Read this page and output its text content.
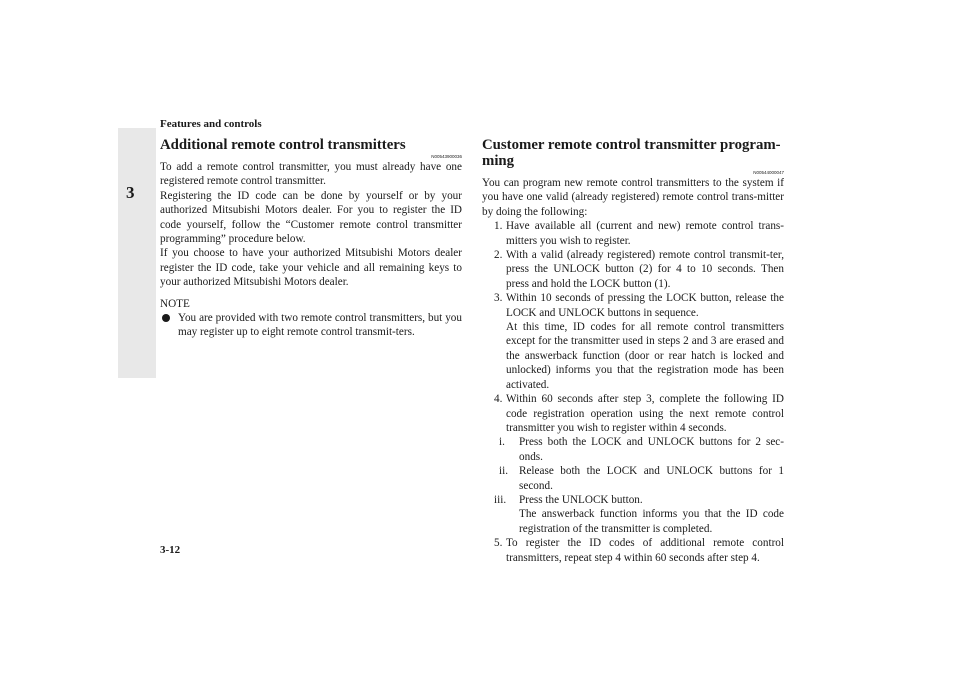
Features and controls
3
Additional remote control transmitters
N00543900036

To add a remote control transmitter, you must already have one registered remote control transmitter.

Registering the ID code can be done by yourself or by your authorized Mitsubishi Motors dealer. For you to register the ID code yourself, follow the “Customer remote control transmitter programming” procedure below.

If you choose to have your authorized Mitsubishi Motors dealer register the ID code, take your vehicle and all remaining keys to your authorized Mitsubishi Motors dealer.

NOTE
You are provided with two remote control transmitters, but you may register up to eight remote control transmit-ters.
Customer remote control transmitter program-ming
N00544000047

You can program new remote control transmitters to the system if you have one valid (already registered) remote control trans-mitter by doing the following:

1. Have available all (current and new) remote control trans-mitters you wish to register.
2. With a valid (already registered) remote control transmit-ter, press the UNLOCK button (2) for 4 to 10 seconds. Then press and hold the LOCK button (1).
3. Within 10 seconds of pressing the LOCK button, release the LOCK and UNLOCK buttons in sequence.
At this time, ID codes for all remote control transmitters except for the transmitter used in steps 2 and 3 are erased and the answerback function (door or rear hatch is locked and unlocked) informs you that the registration mode has been activated.
4. Within 60 seconds after step 3, complete the following ID code registration operation using the next remote control transmitter you wish to register within 4 seconds.
i. Press both the LOCK and UNLOCK buttons for 2 sec-onds.
ii. Release both the LOCK and UNLOCK buttons for 1 second.
iii. Press the UNLOCK button.
The answerback function informs you that the ID code registration of the transmitter is completed.
5. To register the ID codes of additional remote control transmitters, repeat step 4 within 60 seconds after step 4.
3-12
